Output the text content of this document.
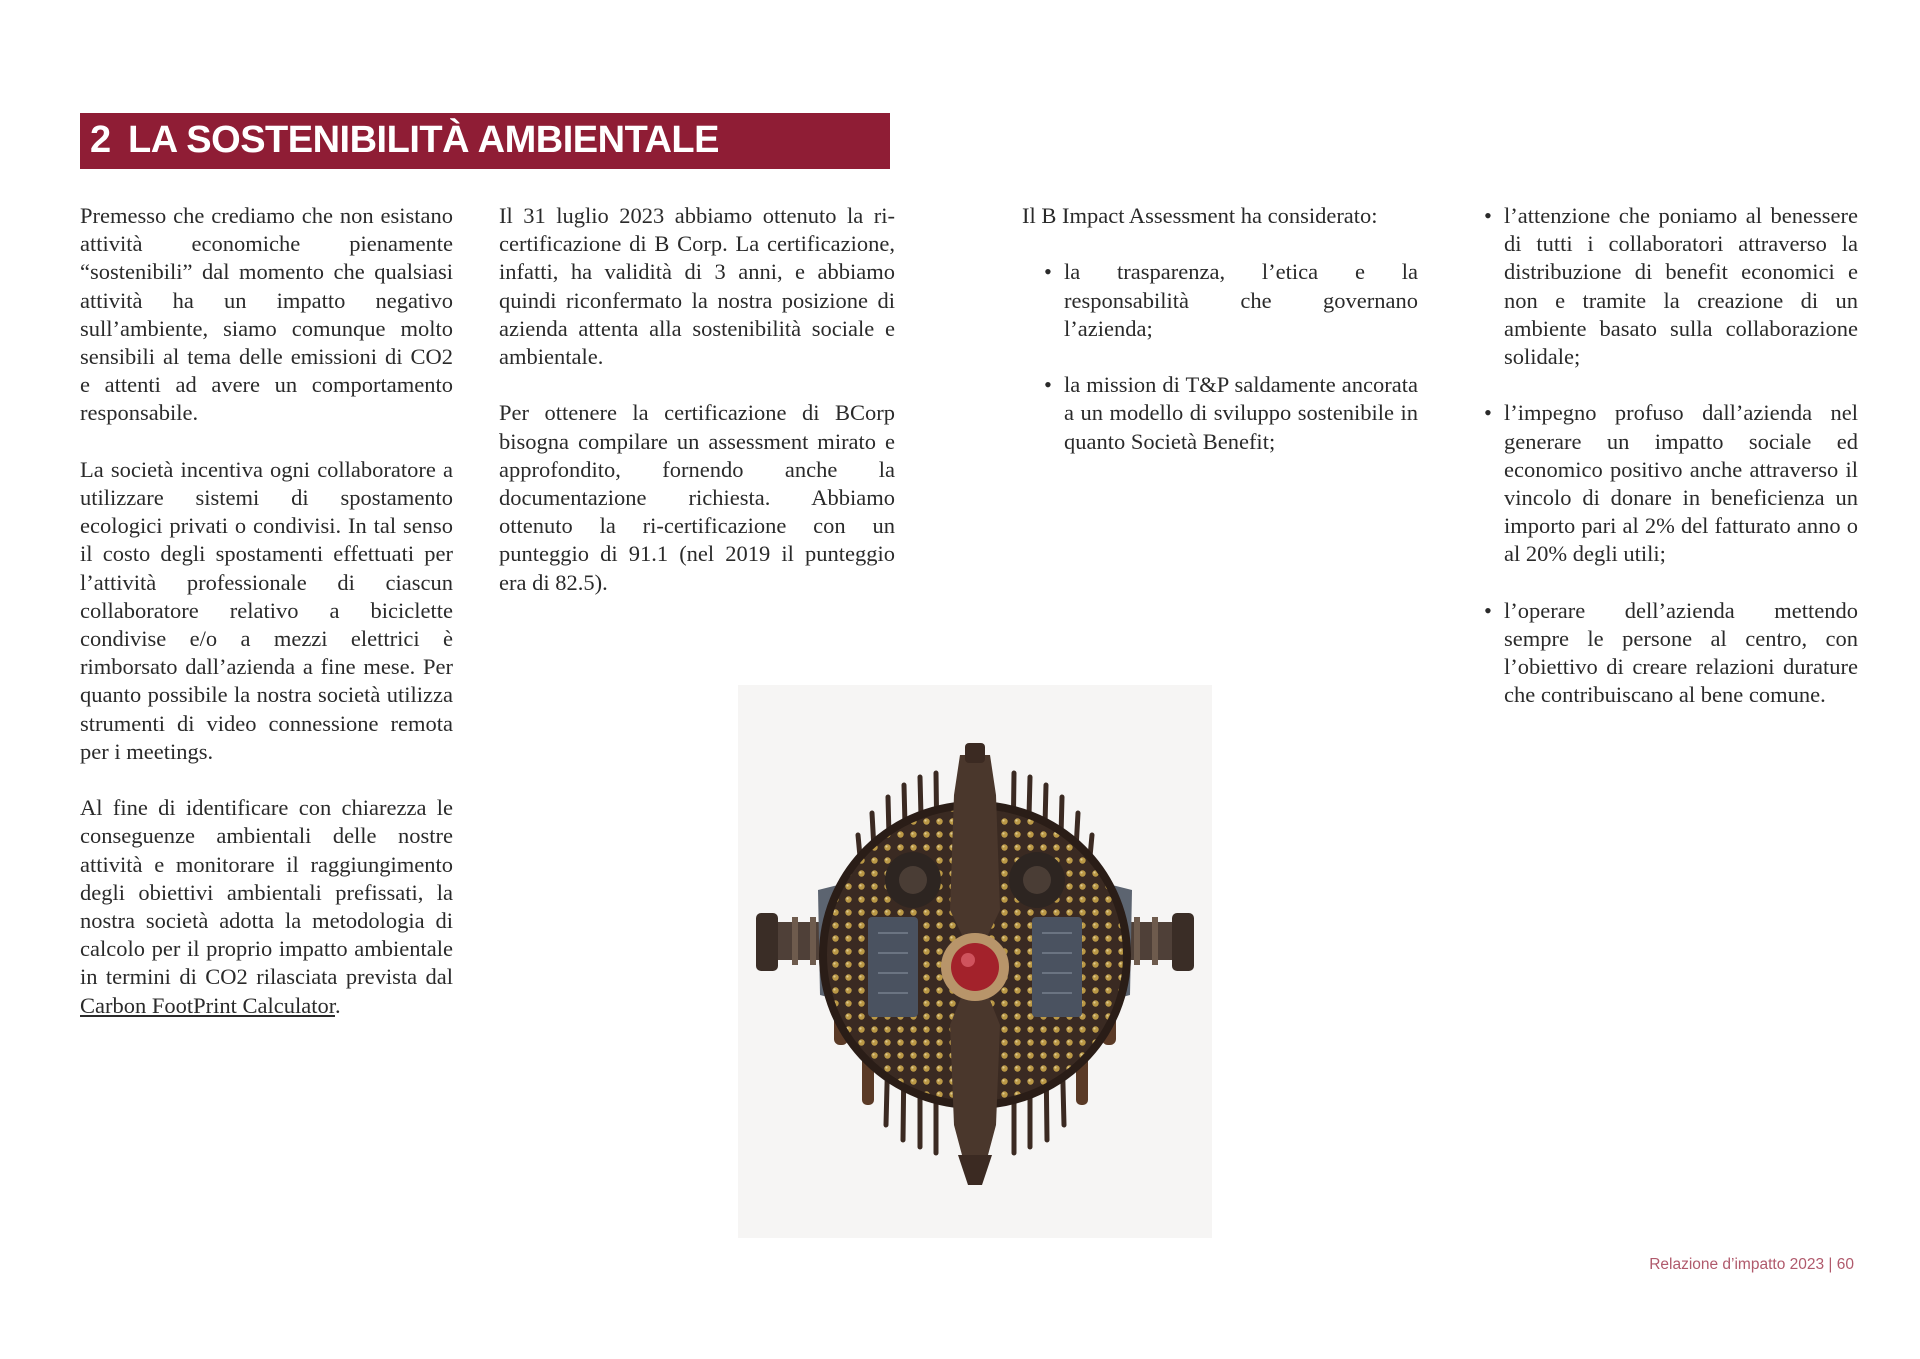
2 LA SOSTENIBILITÀ AMBIENTALE

Premesso che crediamo che non esistano attività economiche pienamente “sostenibili” dal momento che qualsiasi attività ha un impatto negativo sull’ambiente, siamo comunque molto sensibili al tema delle emissioni di CO2 e attenti ad avere un comportamento responsabile.

La società incentiva ogni collaboratore a utilizzare sistemi di spostamento ecologici privati o condivisi. In tal senso il costo degli spostamenti effettuati per l’attività professionale di ciascun collaboratore relativo a biciclette condivise e/o a mezzi elettrici è rimborsato dall’azienda a fine mese. Per quanto possibile la nostra società utilizza strumenti di video connessione remota per i meetings.

Al fine di identificare con chiarezza le conseguenze ambientali delle nostre attività e monitorare il raggiungimento degli obiettivi ambientali prefissati, la nostra società adotta la metodologia di calcolo per il proprio impatto ambientale in termini di CO2 rilasciata prevista dal Carbon FootPrint Calculator.

Il 31 luglio 2023 abbiamo ottenuto la ri-certificazione di B Corp. La certificazione, infatti, ha validità di 3 anni, e abbiamo quindi riconfermato la nostra posizione di azienda attenta alla sostenibilità sociale e ambientale.

Per ottenere la certificazione di BCorp bisogna compilare un assessment mirato e approfondito, fornendo anche la documentazione richiesta. Abbiamo ottenuto la ri-certificazione con un punteggio di 91.1 (nel 2019 il punteggio era di 82.5).

Il B Impact Assessment ha considerato:

• la trasparenza, l’etica e la responsabilità che governano l’azienda;
• la mission di T&P saldamente ancorata a un modello di sviluppo sostenibile in quanto Società Benefit;
• l’attenzione che poniamo al benessere di tutti i collaboratori attraverso la distribuzione di benefit economici e non e tramite la creazione di un ambiente basato sulla collaborazione solidale;
• l’impegno profuso dall’azienda nel generare un impatto sociale ed economico positivo anche attraverso il vincolo di donare in beneficienza un importo pari al 2% del fatturato anno o al 20% degli utili;
• l’operare dell’azienda mettendo sempre le persone al centro, con l’obiettivo di creare relazioni durature che contribuiscano al bene comune.
Relazione d’impatto 2023 | 60
